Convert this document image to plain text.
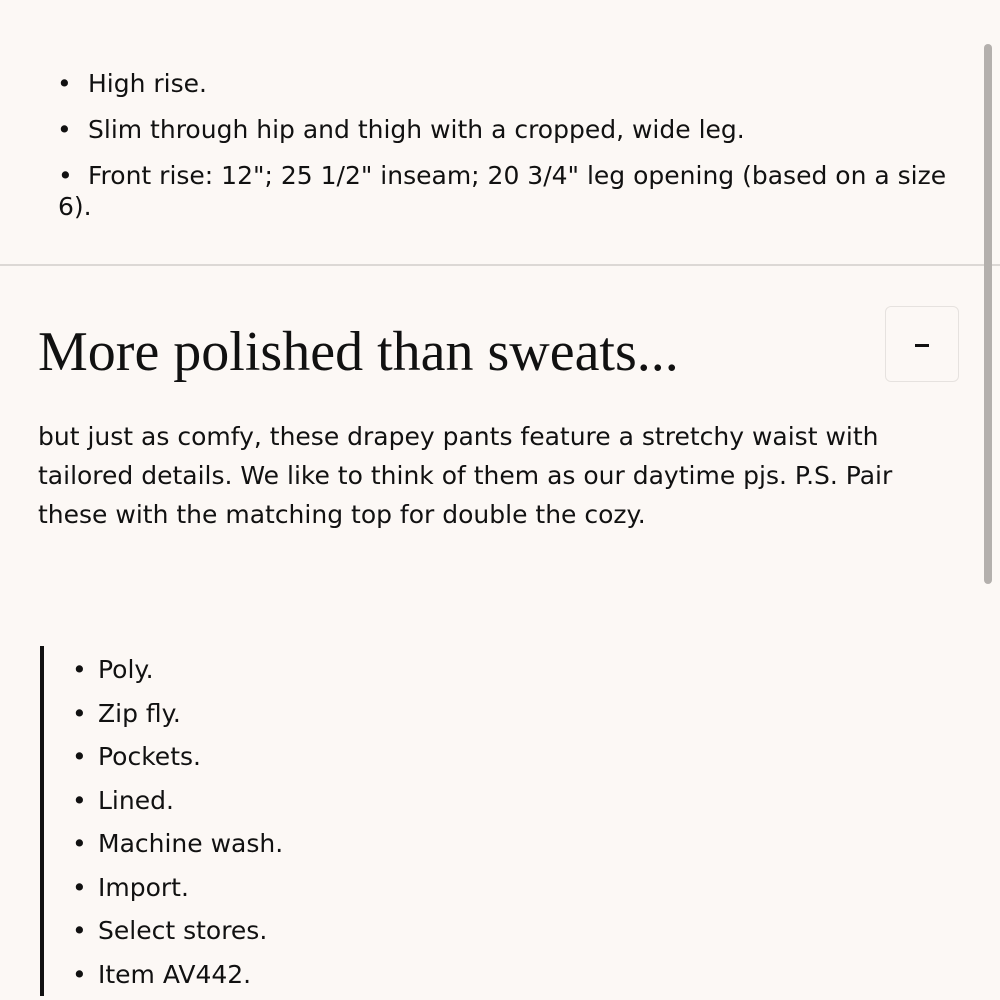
• High rise.
• Slim through hip and thigh with a cropped, wide leg.
• Front rise: 12"; 25 1/2" inseam; 20 3/4" leg opening (based on a size 6).
More polished than sweats...

but just as comfy, these drapey pants feature a stretchy waist with tailored details. We like to think of them as our daytime pjs. P.S. Pair these with the matching top for double the cozy.

• Poly.
• Zip fly.
• Pockets.
• Lined.
• Machine wash.
• Import.
• Select stores.
• Item AV442.
